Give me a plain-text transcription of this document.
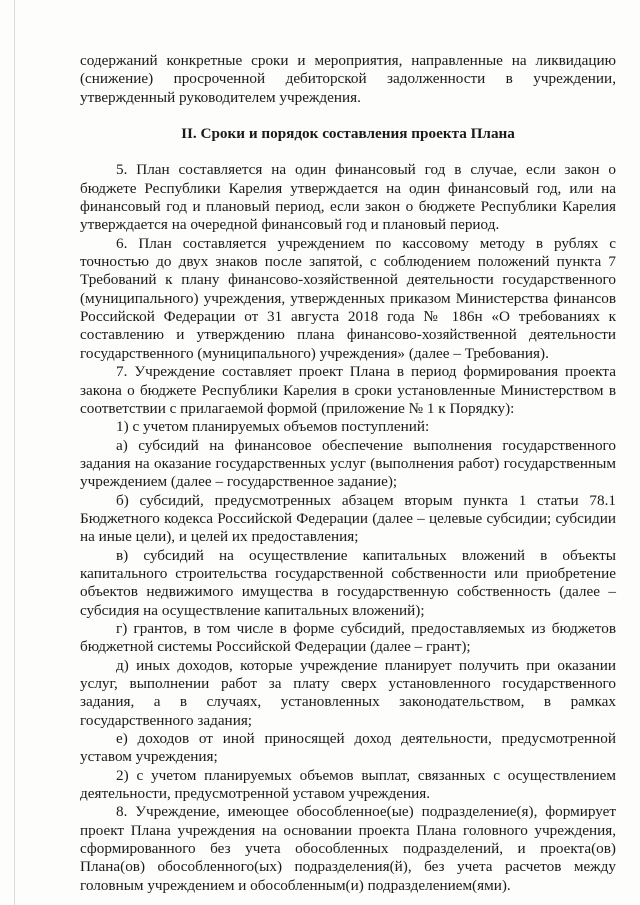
содержаний конкретные сроки и мероприятия, направленные на ликвидацию (снижение) просроченной дебиторской задолженности в учреждении, утвержденный руководителем учреждения.

II. Сроки и порядок составления проекта Плана

5. План составляется на один финансовый год в случае, если закон о бюджете Республики Карелия утверждается на один финансовый год, или на финансовый год и плановый период, если закон о бюджете Республики Карелия утверждается на очередной финансовый год и плановый период.

6. План составляется учреждением по кассовому методу в рублях с точностью до двух знаков после запятой, с соблюдением положений пункта 7 Требований к плану финансово-хозяйственной деятельности государственного (муниципального) учреждения, утвержденных приказом Министерства финансов Российской Федерации от 31 августа 2018 года № 186н «О требованиях к составлению и утверждению плана финансово-хозяйственной деятельности государственного (муниципального) учреждения» (далее – Требования).

7. Учреждение составляет проект Плана в период формирования проекта закона о бюджете Республики Карелия в сроки установленные Министерством в соответствии с прилагаемой формой (приложение № 1 к Порядку):

1) с учетом планируемых объемов поступлений:

а) субсидий на финансовое обеспечение выполнения государственного задания на оказание государственных услуг (выполнения работ) государственным учреждением (далее – государственное задание);

б) субсидий, предусмотренных абзацем вторым пункта 1 статьи 78.1 Бюджетного кодекса Российской Федерации (далее – целевые субсидии; субсидии на иные цели), и целей их предоставления;

в) субсидий на осуществление капитальных вложений в объекты капитального строительства государственной собственности или приобретение объектов недвижимого имущества в государственную собственность (далее – субсидия на осуществление капитальных вложений);

г) грантов, в том числе в форме субсидий, предоставляемых из бюджетов бюджетной системы Российской Федерации (далее – грант);

д) иных доходов, которые учреждение планирует получить при оказании услуг, выполнении работ за плату сверх установленного государственного задания, а в случаях, установленных законодательством, в рамках государственного задания;

е) доходов от иной приносящей доход деятельности, предусмотренной уставом учреждения;

2) с учетом планируемых объемов выплат, связанных с осуществлением деятельности, предусмотренной уставом учреждения.

8. Учреждение, имеющее обособленное(ые) подразделение(я), формирует проект Плана учреждения на основании проекта Плана головного учреждения, сформированного без учета обособленных подразделений, и проекта(ов) Плана(ов) обособленного(ых) подразделения(й), без учета расчетов между головным учреждением и обособленным(и) подразделением(ями).
